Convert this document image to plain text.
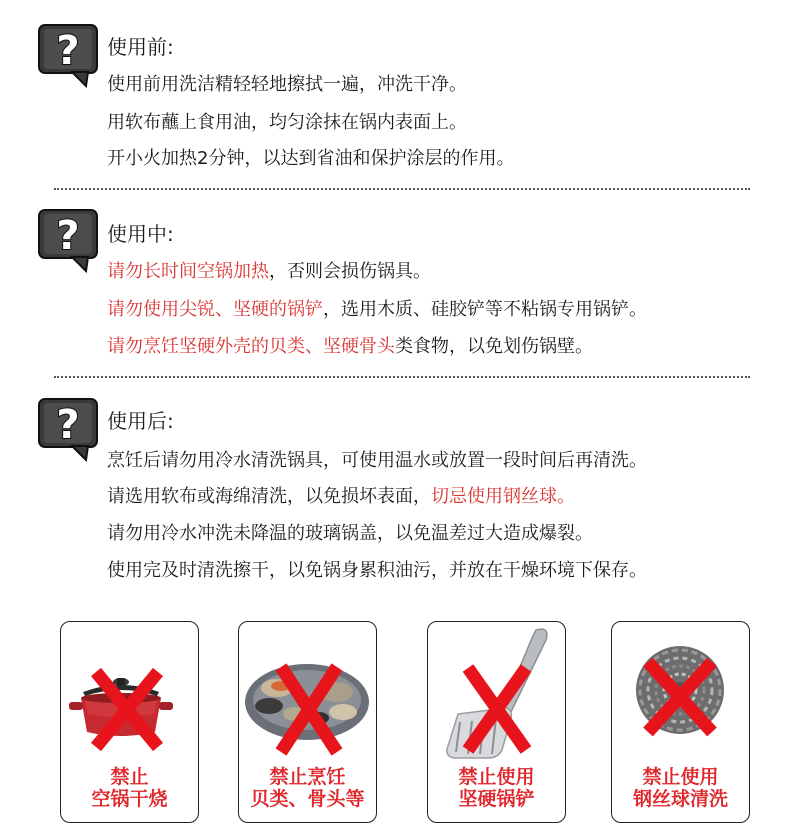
使用前:
使用前用洗洁精轻轻地擦拭一遍，冲洗干净。
用软布蘸上食用油，均匀涂抹在锅内表面上。
开小火加热2分钟，以达到省油和保护涂层的作用。
使用中:
请勿长时间空锅加热，否则会损伤锅具。
请勿使用尖锐、坚硬的锅铲，选用木质、硅胶铲等不粘锅专用锅铲。
请勿烹饪坚硬外壳的贝类、坚硬骨头类食物，以免划伤锅壁。
使用后:
烹饪后请勿用冷水清洗锅具，可使用温水或放置一段时间后再清洗。
请选用软布或海绵清洗，以免损坏表面，切忌使用钢丝球。
请勿用冷水冲洗未降温的玻璃锅盖，以免温差过大造成爆裂。
使用完及时清洗擦干，以免锅身累积油污，并放在干燥环境下保存。
禁止
空锅干烧
禁止烹饪
贝类、骨头等
禁止使用
坚硬锅铲
禁止使用
钢丝球清洗
